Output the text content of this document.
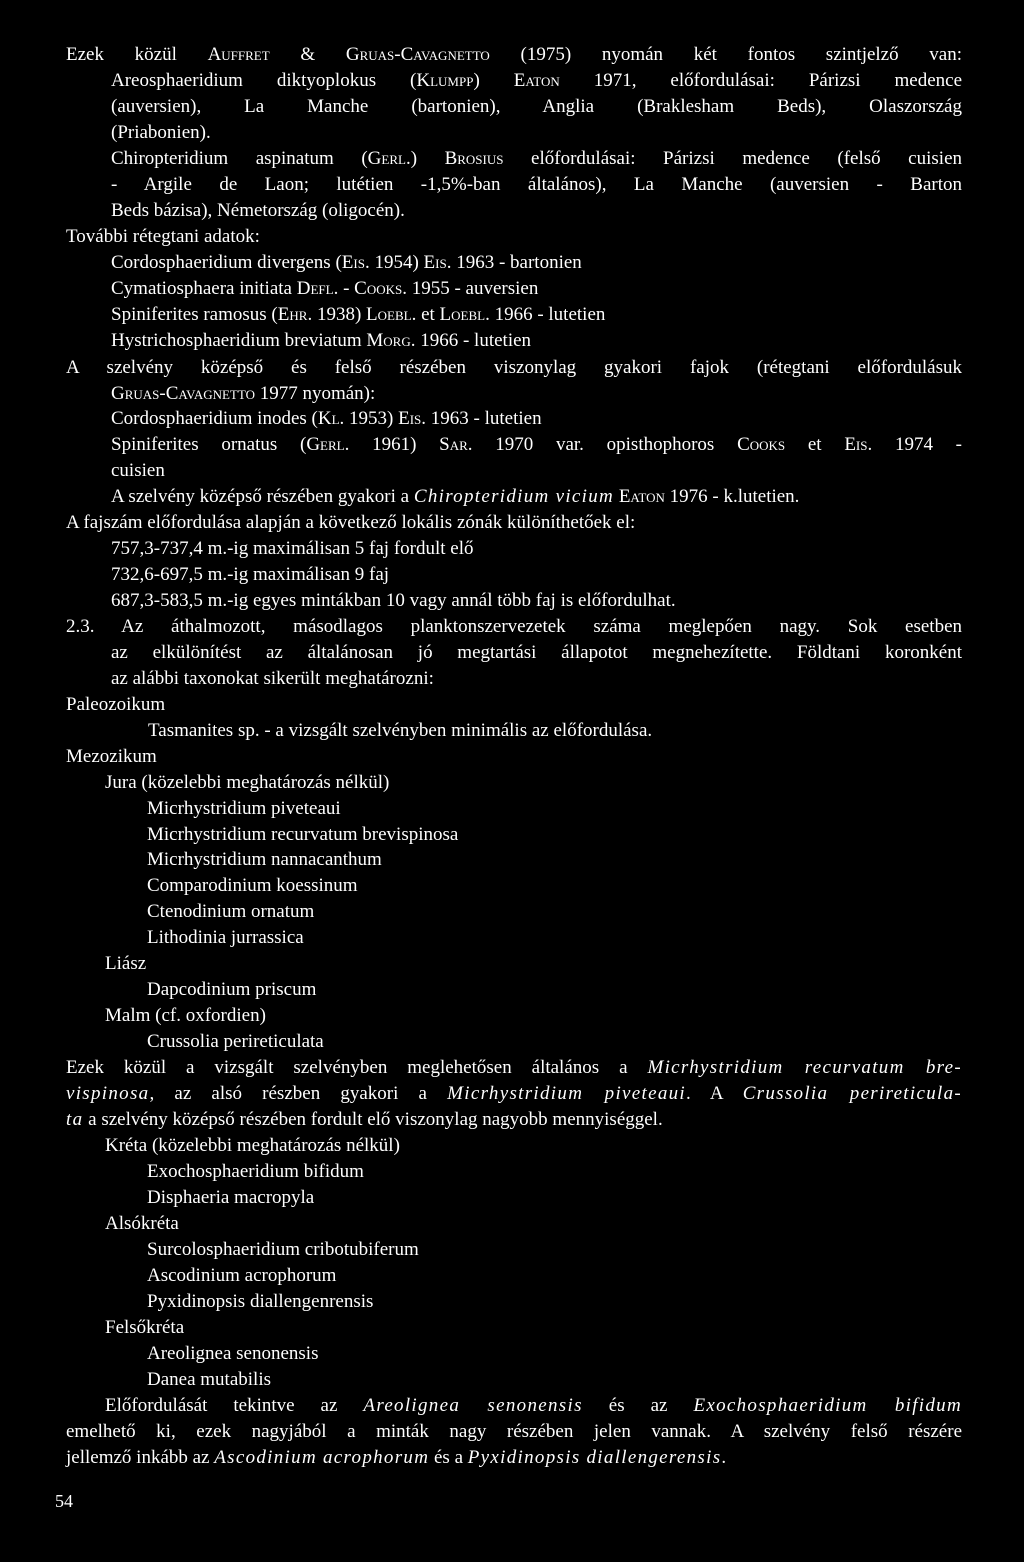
Ezek közül Auffret & Gruas-Cavagnetto (1975) nyomán két fontos szintjelző van:
Areosphaeridium diktyoplokus (Klumpp) Eaton 1971, előfordulásai: Párizsi medence
(auversien), La Manche (bartonien), Anglia (Braklesham Beds), Olaszország
(Priabonien).
Chiropteridium aspinatum (Gerl.) Brosius előfordulásai: Párizsi medence (felső cuisien
- Argile de Laon; lutétien -1,5%-ban általános), La Manche (auversien - Barton
Beds bázisa), Németország (oligocén).
További rétegtani adatok:
Cordosphaeridium divergens (Eis. 1954) Eis. 1963 - bartonien
Cymatiosphaera initiata Defl. - Cooks. 1955 - auversien
Spiniferites ramosus (Ehr. 1938) Loebl. et Loebl. 1966 - lutetien
Hystrichosphaeridium breviatum Morg. 1966 - lutetien
A szelvény középső és felső részében viszonylag gyakori fajok (rétegtani előfordulásuk
Gruas-Cavagnetto 1977 nyomán):
Cordosphaeridium inodes (Kl. 1953) Eis. 1963 - lutetien
Spiniferites ornatus (Gerl. 1961) Sar. 1970 var. opisthophoros Cooks et Eis. 1974 -
cuisien
A szelvény középső részében gyakori a Chiropteridium vicium Eaton 1976 - k.lutetien.
A fajszám előfordulása alapján a következő lokális zónák különíthetőek el:
757,3-737,4 m.-ig maximálisan 5 faj fordult elő
732,6-697,5 m.-ig maximálisan 9 faj
687,3-583,5 m.-ig egyes mintákban 10 vagy annál több faj is előfordulhat.
2.3. Az áthalmozott, másodlagos planktonszervezetek száma meglepően nagy. Sok esetben
az elkülönítést az általánosan jó megtartási állapotot megnehezítette. Földtani koronként
az alábbi taxonokat sikerült meghatározni:
Paleozoikum
Tasmanites sp. - a vizsgált szelvényben minimális az előfordulása.
Mezozikum
Jura (közelebbi meghatározás nélkül)
Micrhystridium piveteaui
Micrhystridium recurvatum brevispinosa
Micrhystridium nannacanthum
Comparodinium koessinum
Ctenodinium ornatum
Lithodinia jurrassica
Liász
Dapcodinium priscum
Malm (cf. oxfordien)
Crussolia perireticulata
Ezek közül a vizsgált szelvényben meglehetősen általános a Micrhystridium recurvatum bre-
vispinosa, az alsó részben gyakori a Micrhystridium piveteaui. A Crussolia perireticula-
ta a szelvény középső részében fordult elő viszonylag nagyobb mennyiséggel.
Kréta (közelebbi meghatározás nélkül)
Exochosphaeridium bifidum
Disphaeria macropyla
Alsókréta
Surcolosphaeridium cribotubiferum
Ascodinium acrophorum
Pyxidinopsis diallengenrensis
Felsőkréta
Areolignea senonensis
Danea mutabilis
Előfordulását tekintve az Areolignea senonensis és az Exochosphaeridium bifidum
emelhető ki, ezek nagyjából a minták nagy részében jelen vannak. A szelvény felső részére
jellemző inkább az Ascodinium acrophorum és a Pyxidinopsis diallengerensis.
54
